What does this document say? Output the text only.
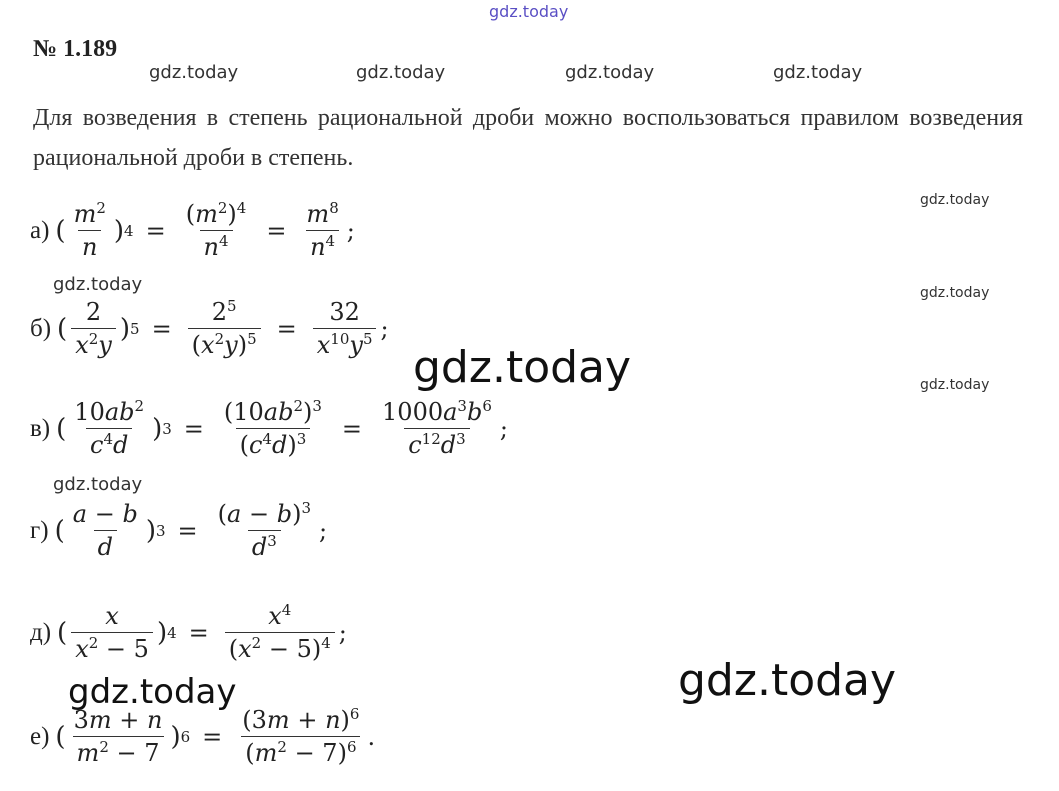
gdz.today
gdz.today	gdz.today	gdz.today	gdz.today
gdz.today
gdz.today	gdz.today
gdz.today
gdz.today
gdz.today
gdz.today
gdz.today
№ 1.189
Для возведения в степень рациональной дроби можно воспользоваться правилом возведения рациональной дроби в степень.
а) ( $\frac{m^2}{n}$ ) $4 = \frac{(m^2)^4}{n^4} = \frac{m^8}{n^4}$ ;
б) ( $\frac{2}{x^2y}$ ) $5 = \frac{2^5}{(x^2y)^5} = \frac{32}{x^{10}y^5}$ ;
в) ( $\frac{10ab^2}{c^4d}$ ) $3 = \frac{(10ab^2)^3}{(c^4d)^3} = \frac{1000a^3b^6}{c^{12}d^3}$ ;
г) ( $\frac{a - b}{d}$ ) $3 = \frac{(a - b)^3}{d^3}$ ;
д) ( $\frac{x}{x^2 - 5}$ ) $4 = \frac{x^4}{(x^2 - 5)^4}$ ;
е) ( $\frac{3m + n}{m^2 - 7}$ ) $6 = \frac{(3m + n)^6}{(m^2 - 7)^6}$ .
